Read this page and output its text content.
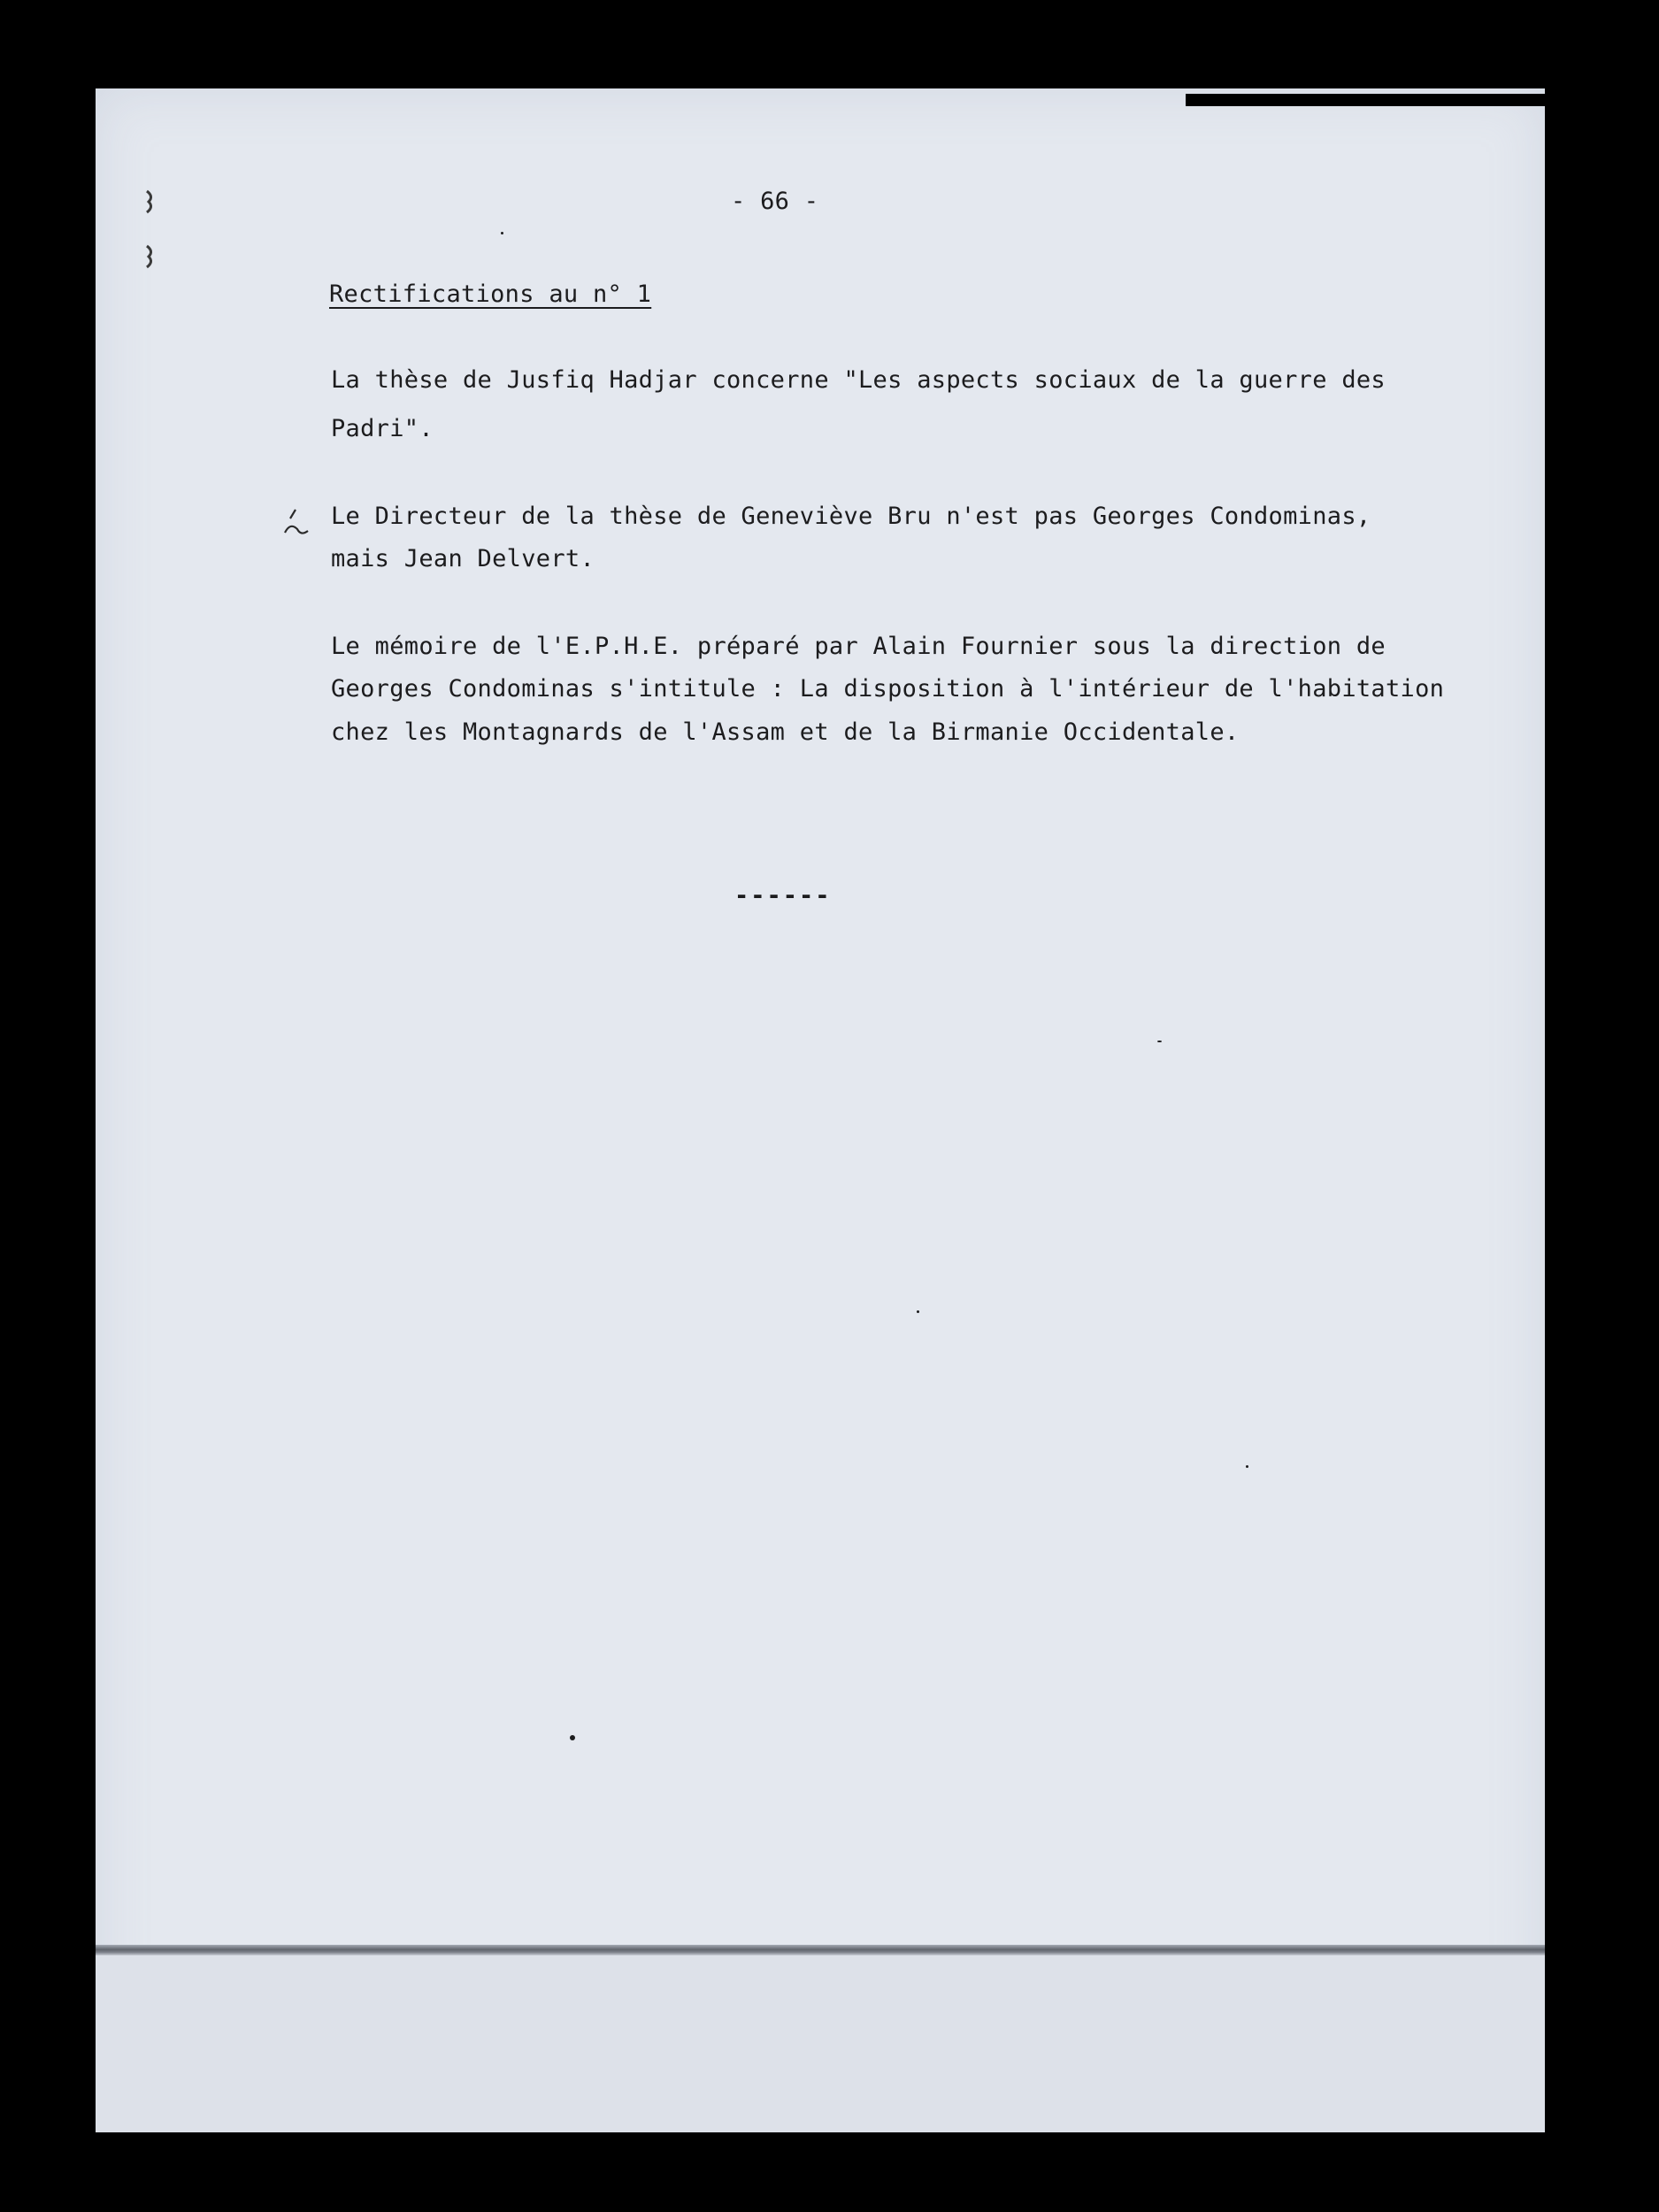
- 66 -
Rectifications au n° 1
La thèse de Jusfiq Hadjar concerne "Les aspects sociaux de la guerre des
Padri".
Le Directeur de la thèse de Geneviève Bru n'est pas Georges Condominas,
mais Jean Delvert.
Le mémoire de l'E.P.H.E. préparé par Alain Fournier sous la direction de
Georges Condominas s'intitule : La disposition à l'intérieur de l'habitation
chez les Montagnards de l'Assam et de la Birmanie Occidentale.
------
